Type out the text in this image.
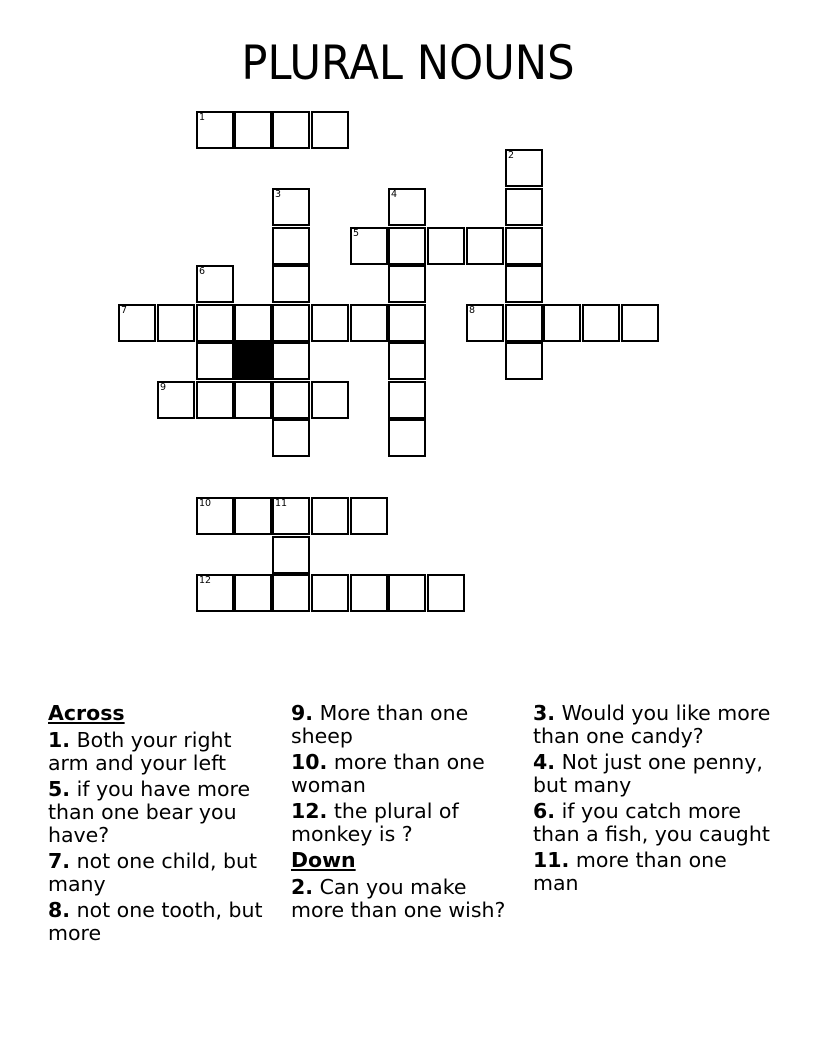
PLURAL NOUNS
1
2
3	4
5
6
7	8
9
10	11
12
Across
1. Both your right arm and your left
5. if you have more than one bear you have?
7. not one child, but many
8. not one tooth, but more
9. More than one sheep
10. more than one woman
12. the plural of monkey is ?
Down
2. Can you make more than one wish?
3. Would you like more than one candy?
4. Not just one penny, but many
6. if you catch more than a fish, you caught
11. more than one man
